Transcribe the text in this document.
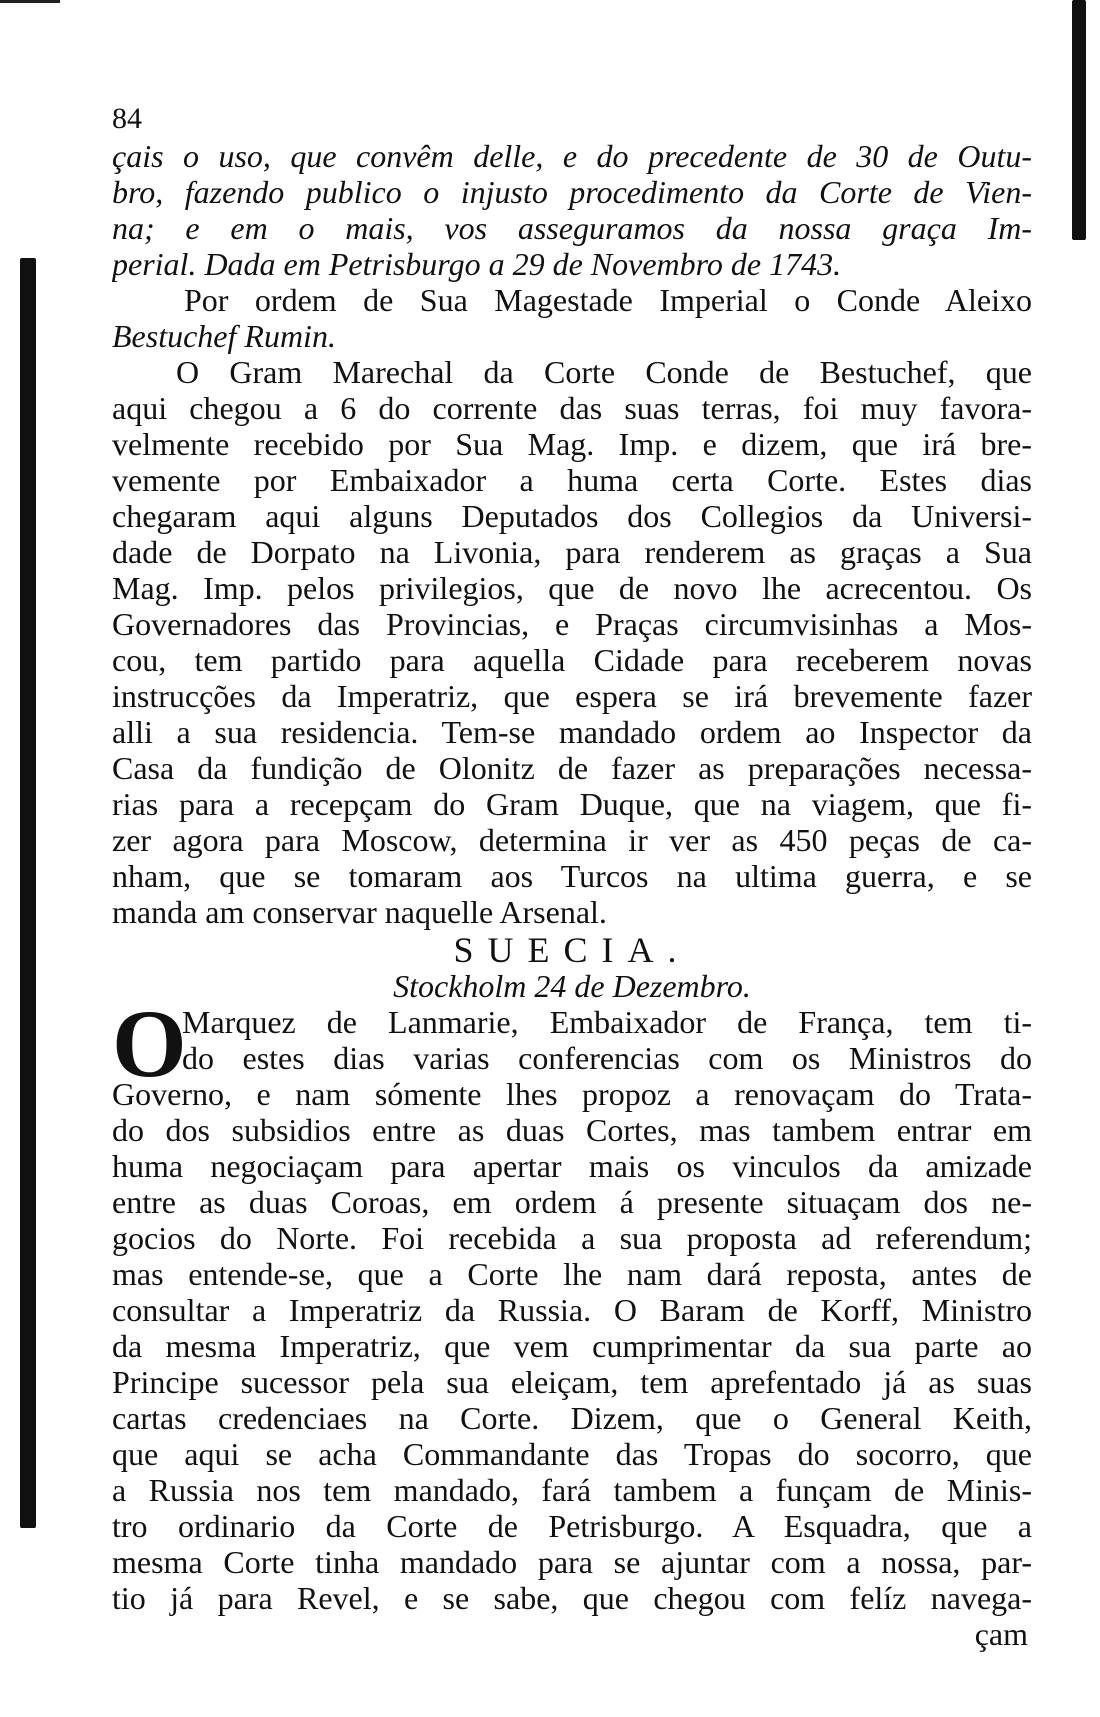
84
çais o uso, que convêm delle, e do precedente de 30 de Outu-
bro, fazendo publico o injusto procedimento da Corte de Vien-
na; e em o mais, vos asseguramos da nossa graça Im-
perial. Dada em Petrisburgo a 29 de Novembro de 1743.
Por ordem de Sua Magestade Imperial o Conde Aleixo
Bestuchef Rumin.
O Gram Marechal da Corte Conde de Bestuchef, que
aqui chegou a 6 do corrente das suas terras, foi muy favora-
velmente recebido por Sua Mag. Imp. e dizem, que irá bre-
vemente por Embaixador a huma certa Corte. Estes dias
chegaram aqui alguns Deputados dos Collegios da Universi-
dade de Dorpato na Livonia, para renderem as graças a Sua
Mag. Imp. pelos privilegios, que de novo lhe acrecentou. Os
Governadores das Provincias, e Praças circumvisinhas a Mos-
cou, tem partido para aquella Cidade para receberem novas
instrucções da Imperatriz, que espera se irá brevemente fazer
alli a sua residencia. Tem-se mandado ordem ao Inspector da
Casa da fundição de Olonitz de fazer as preparações necessa-
rias para a recepçam do Gram Duque, que na viagem, que fi-
zer agora para Moscow, determina ir ver as 450 peças de ca-
nham, que se tomaram aos Turcos na ultima guerra, e se
manda am conservar naquelle Arsenal.
SUECIA.
Stockholm 24 de Dezembro.
O
Marquez de Lanmarie, Embaixador de França, tem ti-
do estes dias varias conferencias com os Ministros do
Governo, e nam sómente lhes propoz a renovaçam do Trata-
do dos subsidios entre as duas Cortes, mas tambem entrar em
huma negociaçam para apertar mais os vinculos da amizade
entre as duas Coroas, em ordem á presente situaçam dos ne-
gocios do Norte. Foi recebida a sua proposta ad referendum;
mas entende-se, que a Corte lhe nam dará reposta, antes de
consultar a Imperatriz da Russia. O Baram de Korff, Ministro
da mesma Imperatriz, que vem cumprimentar da sua parte ao
Principe sucessor pela sua eleiçam, tem aprefentado já as suas
cartas credenciaes na Corte. Dizem, que o General Keith,
que aqui se acha Commandante das Tropas do socorro, que
a Russia nos tem mandado, fará tambem a funçam de Minis-
tro ordinario da Corte de Petrisburgo. A Esquadra, que a
mesma Corte tinha mandado para se ajuntar com a nossa, par-
tio já para Revel, e se sabe, que chegou com felíz navega-
çam
